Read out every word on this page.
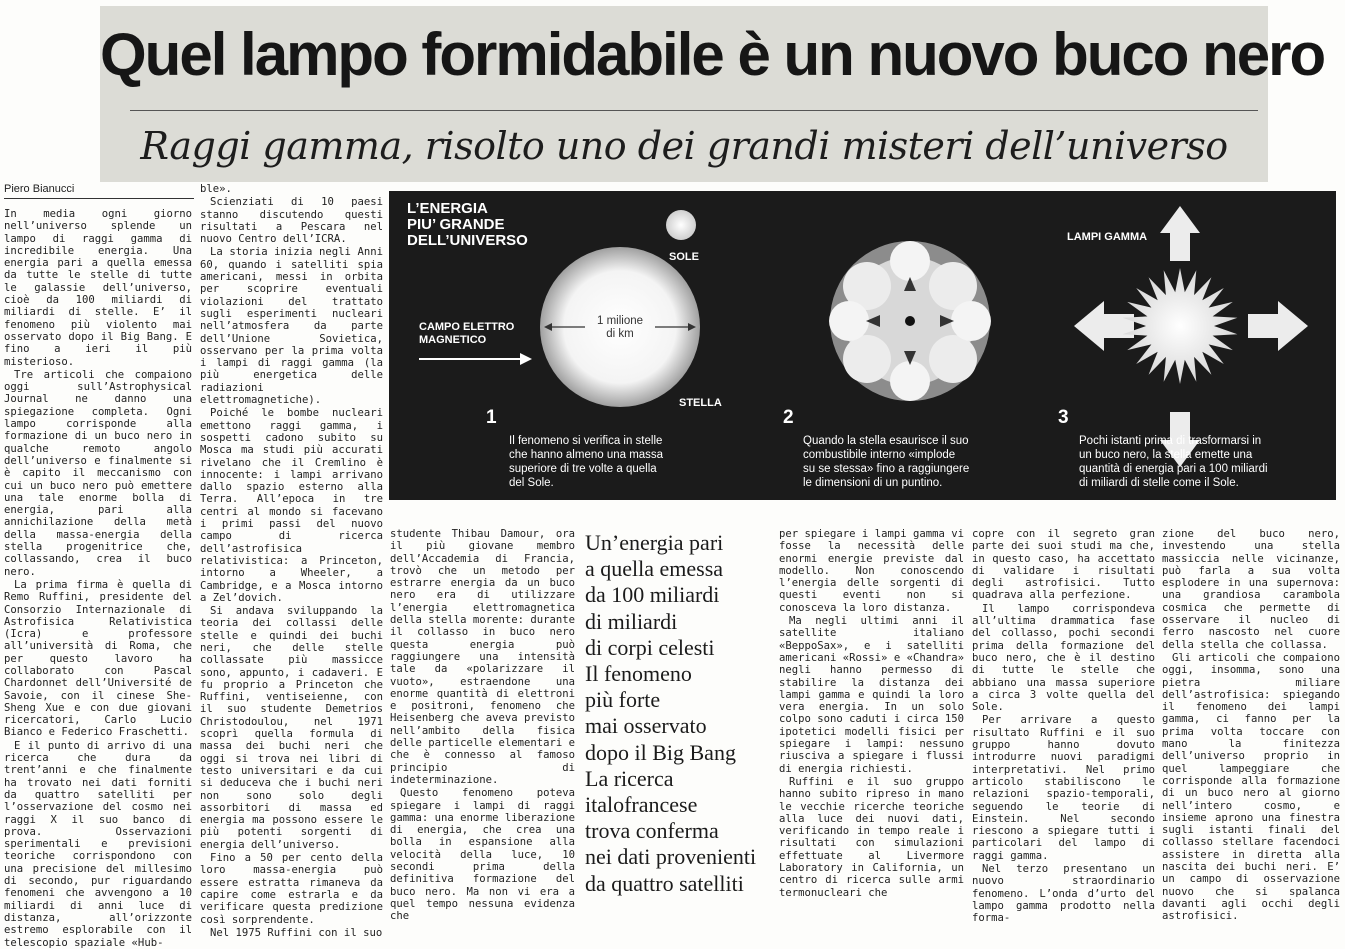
Quel lampo formidabile è un nuovo buco nero
Raggi gamma, risolto uno dei grandi misteri dell’universo
Piero Bianucci

In media ogni giorno nell’universo splende un lampo di raggi gamma di incredibile energia. Una energia pari a quella emessa da tutte le stelle di tutte le galassie dell’universo, cioè da 100 miliardi di miliardi di stelle. E’ il fenomeno più violento mai osservato dopo il Big Bang. E fino a ieri il più misterioso.

Tre articoli che compaiono oggi sull’Astrophysical Journal ne danno una spiegazione completa. Ogni lampo corrisponde alla formazione di un buco nero in qualche remoto angolo dell’universo e finalmente si è capito il meccanismo con cui un buco nero può emettere una tale enorme bolla di energia, pari alla annichilazione della metà della massa-energia della stella progenitrice che, collassando, crea il buco nero.

La prima firma è quella di Remo Ruffini, presidente del Consorzio Internazionale di Astrofisica Relativistica (Icra) e professore all’università di Roma, che per questo lavoro ha collaborato con Pascal Chardonnet dell’Université de Savoie, con il cinese She-Sheng Xue e con due giovani ricercatori, Carlo Lucio Bianco e Federico Fraschetti.

E il punto di arrivo di una ricerca che dura da trent’anni e che finalmente ha trovato nei dati forniti da quattro satelliti per l’osservazione del cosmo nei raggi X il suo banco di prova. Osservazioni sperimentali e previsioni teoriche corrispondono con una precisione del millesimo di secondo, pur riguardando fenomeni che avvengono a 10 miliardi di anni luce di distanza, all’orizzonte estremo esplorabile con il telescopio spaziale «Hub-

ble».

Scienziati di 10 paesi stanno discutendo questi risultati a Pescara nel nuovo Centro dell’ICRA.

La storia inizia negli Anni 60, quando i satelliti spia americani, messi in orbita per scoprire eventuali violazioni del trattato sugli esperimenti nucleari nell’atmosfera da parte dell’Unione Sovietica, osservano per la prima volta i lampi di raggi gamma (la più energetica delle radiazioni elettromagnetiche).

Poiché le bombe nucleari emettono raggi gamma, i sospetti cadono subito su Mosca ma studi più accurati rivelano che il Cremlino è innocente: i lampi arrivano dallo spazio esterno alla Terra. All’epoca in tre centri al mondo si facevano i primi passi del nuovo campo di ricerca dell’astrofisica relativistica: a Princeton, intorno a Wheeler, a Cambridge, e a Mosca intorno a Zel’dovich.

Si andava sviluppando la teoria dei collassi delle stelle e quindi dei buchi neri, che delle stelle collassate più massicce sono, appunto, i cadaveri. E fu proprio a Princeton che Ruffini, ventiseienne, con il suo studente Demetrios Christodoulou, nel 1971 scoprì quella formula di massa dei buchi neri che oggi si trova nei libri di testo universitari e da cui si deduceva che i buchi neri non sono solo degli assorbitori di massa ed energia ma possono essere le più potenti sorgenti di energia dell’universo.

Fino a 50 per cento della loro massa-energia può essere estratta rimaneva da capire come estrarla e da verificare questa predizione così sorprendente.

Nel 1975 Ruffini con il suo

L’ENERGIA
PIU’ GRANDE
DELL’UNIVERSO
SOLE
CAMPO ELETTRO
MAGNETICO
1 milione
di km
STELLA
LAMPI GAMMA
1
Il fenomeno si verifica in stelle
che hanno almeno una massa
superiore di tre volte a quella
del Sole.
2
Quando la stella esaurisce il suo
combustibile interno «implode
su se stessa» fino a raggiungere
le dimensioni di un puntino.
3
Pochi istanti prima di trasformarsi in
un buco nero, la stella emette una
quantità di energia pari a 100 miliardi
di miliardi di stelle come il Sole.

studente Thibau Damour, ora il più giovane membro dell’Accademia di Francia, trovò che un metodo per estrarre energia da un buco nero era di utilizzare l’energia elettromagnetica della stella morente: durante il collasso in buco nero questa energia può raggiungere una intensità tale da «polarizzare il vuoto», estraendone una enorme quantità di elettroni e positroni, fenomeno che Heisenberg che aveva previsto nell’ambito della fisica delle particelle elementari e che è connesso al famoso principio di indeterminazione.

Questo fenomeno poteva spiegare i lampi di raggi gamma: una enorme liberazione di energia, che crea una bolla in espansione alla velocità della luce, 10 secondi prima della definitiva formazione del buco nero. Ma non vi era a quel tempo nessuna evidenza che

Un’energia pari
a quella emessa
da 100 miliardi
di miliardi
di corpi celesti
Il fenomeno
più forte
mai osservato
dopo il Big Bang
La ricerca
italofrancese
trova conferma
nei dati provenienti
da quattro satelliti

per spiegare i lampi gamma vi fosse la necessità delle enormi energie previste dal modello. Non conoscendo l’energia delle sorgenti di questi eventi non si conosceva la loro distanza.

Ma negli ultimi anni il satellite italiano «BeppoSax», e i satelliti americani «Rossi» e «Chandra» negli hanno permesso di stabilire la distanza dei lampi gamma e quindi la loro vera energia. In un solo colpo sono caduti i circa 150 ipotetici modelli fisici per spiegare i lampi: nessuno riusciva a spiegare i flussi di energia richiesti.

Ruffini e il suo gruppo hanno subito ripreso in mano le vecchie ricerche teoriche alla luce dei nuovi dati, verificando in tempo reale i risultati con simulazioni effettuate al Livermore Laboratory in California, un centro di ricerca sulle armi termonucleari che

copre con il segreto gran parte dei suoi studi ma che, in questo caso, ha accettato di validare i risultati degli astrofisici. Tutto quadrava alla perfezione.

Il lampo corrispondeva all’ultima drammatica fase del collasso, pochi secondi prima della formazione del buco nero, che è il destino di tutte le stelle che abbiano una massa superiore a circa 3 volte quella del Sole.

Per arrivare a questo risultato Ruffini e il suo gruppo hanno dovuto introdurre nuovi paradigmi interpretativi. Nel primo articolo stabiliscono le relazioni spazio-temporali, seguendo le teorie di Einstein. Nel secondo riescono a spiegare tutti i particolari del lampo di raggi gamma.

Nel terzo presentano un nuovo straordinario fenomeno. L’onda d’urto del lampo gamma prodotto nella forma-

zione del buco nero, investendo una stella massiccia nelle vicinanze, può farla a sua volta esplodere in una supernova: una grandiosa carambola cosmica che permette di osservare il nucleo di ferro nascosto nel cuore della stella che collassa.

Gli articoli che compaiono oggi, insomma, sono una pietra miliare dell’astrofisica: spiegando il fenomeno dei lampi gamma, ci fanno per la prima volta toccare con mano la finitezza dell’universo proprio in quel lampeggiare che corrisponde alla formazione di un buco nero al giorno nell’intero cosmo, e insieme aprono una finestra sugli istanti finali del collasso stellare facendoci assistere in diretta alla nascita dei buchi neri. E’ un campo di osservazione nuovo che si spalanca davanti agli occhi degli astrofisici.
